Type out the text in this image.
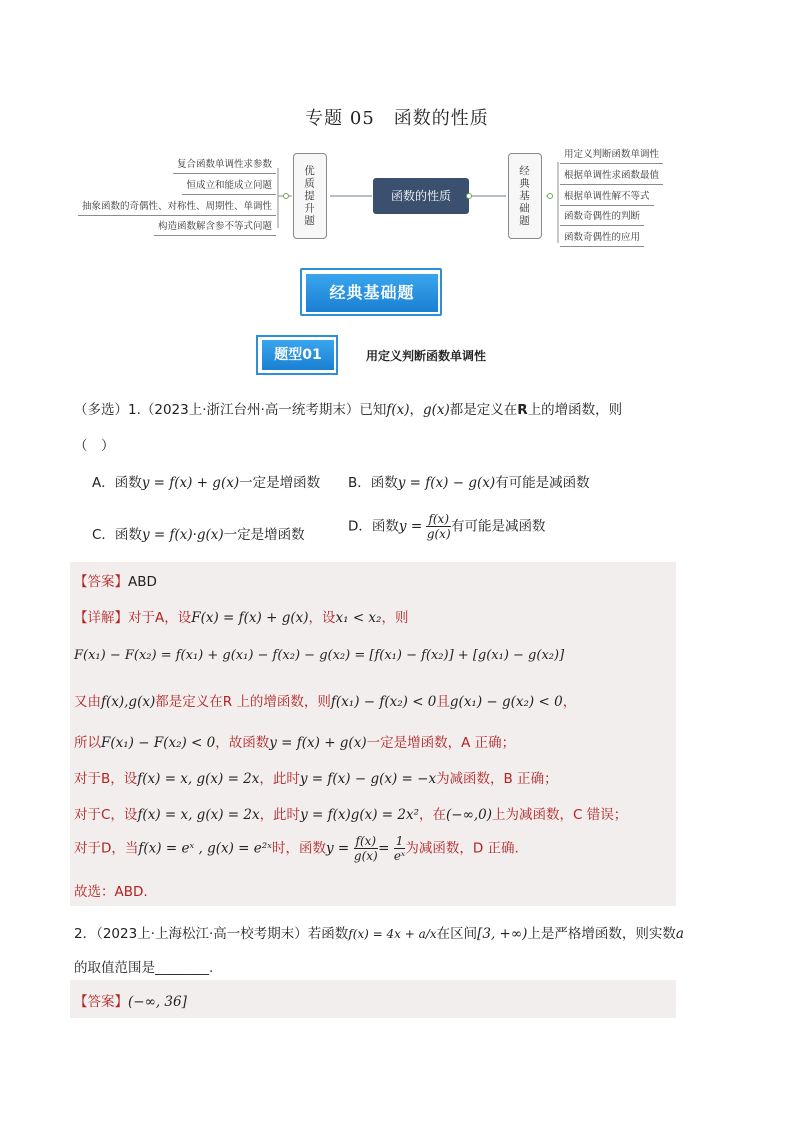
专题 05　函数的性质
复合函数单调性求参数
恒成立和能成立问题
抽象函数的奇偶性、对称性、周期性、单调性
构造函数解含参不等式问题	优质提升题	函数的性质	经典基础题
用定义判断函数单调性
根据单调性求函数最值
根据单调性解不等式
函数奇偶性的判断
函数奇偶性的应用
经典基础题
题型01	用定义判断函数单调性
（多选）1.（2023上·浙江台州·高一统考期末）已知f(x)，g(x)都是定义在R上的增函数，则
（　）
A．函数y = f(x) + g(x)一定是增函数 B．函数y = f(x) − g(x)有可能是减函数
C．函数y = f(x)·g(x)一定是增函数
D．函数$y = \frac{f(x)}{g(x)}$ 有可能是减函数
【答案】ABD
【详解】对于A，设F(x) = f(x) + g(x)，设x₁ < x₂，则
F(x₁) − F(x₂) = f(x₁) + g(x₁) − f(x₂) − g(x₂) = [f(x₁) − f(x₂)] + [g(x₁) − g(x₂)]
又由f(x),g(x)都是定义在R 上的增函数，则f(x₁) − f(x₂) < 0且g(x₁) − g(x₂) < 0，
所以F(x₁) − F(x₂) < 0，故函数y = f(x) + g(x)一定是增函数，A 正确；
对于B，设f(x) = x, g(x) = 2x，此时y = f(x) − g(x) = −x为减函数，B 正确；
对于C，设f(x) = x, g(x) = 2x，此时y = f(x)g(x) = 2x²，在(−∞,0)上为减函数，C 错误；
对于D，当f(x) = eˣ , g(x) = e²ˣ时，函数$y = \frac{f(x)}{g(x)} = \frac{1}{\text{eˣ}}$ 为减函数，D 正确.
故选：ABD.
2．（2023上·上海松江·高一校考期末）若函数f(x) = 4x + a/x在区间[3, +∞)上是严格增函数，则实数a
的取值范围是________.
【答案】(−∞, 36]
